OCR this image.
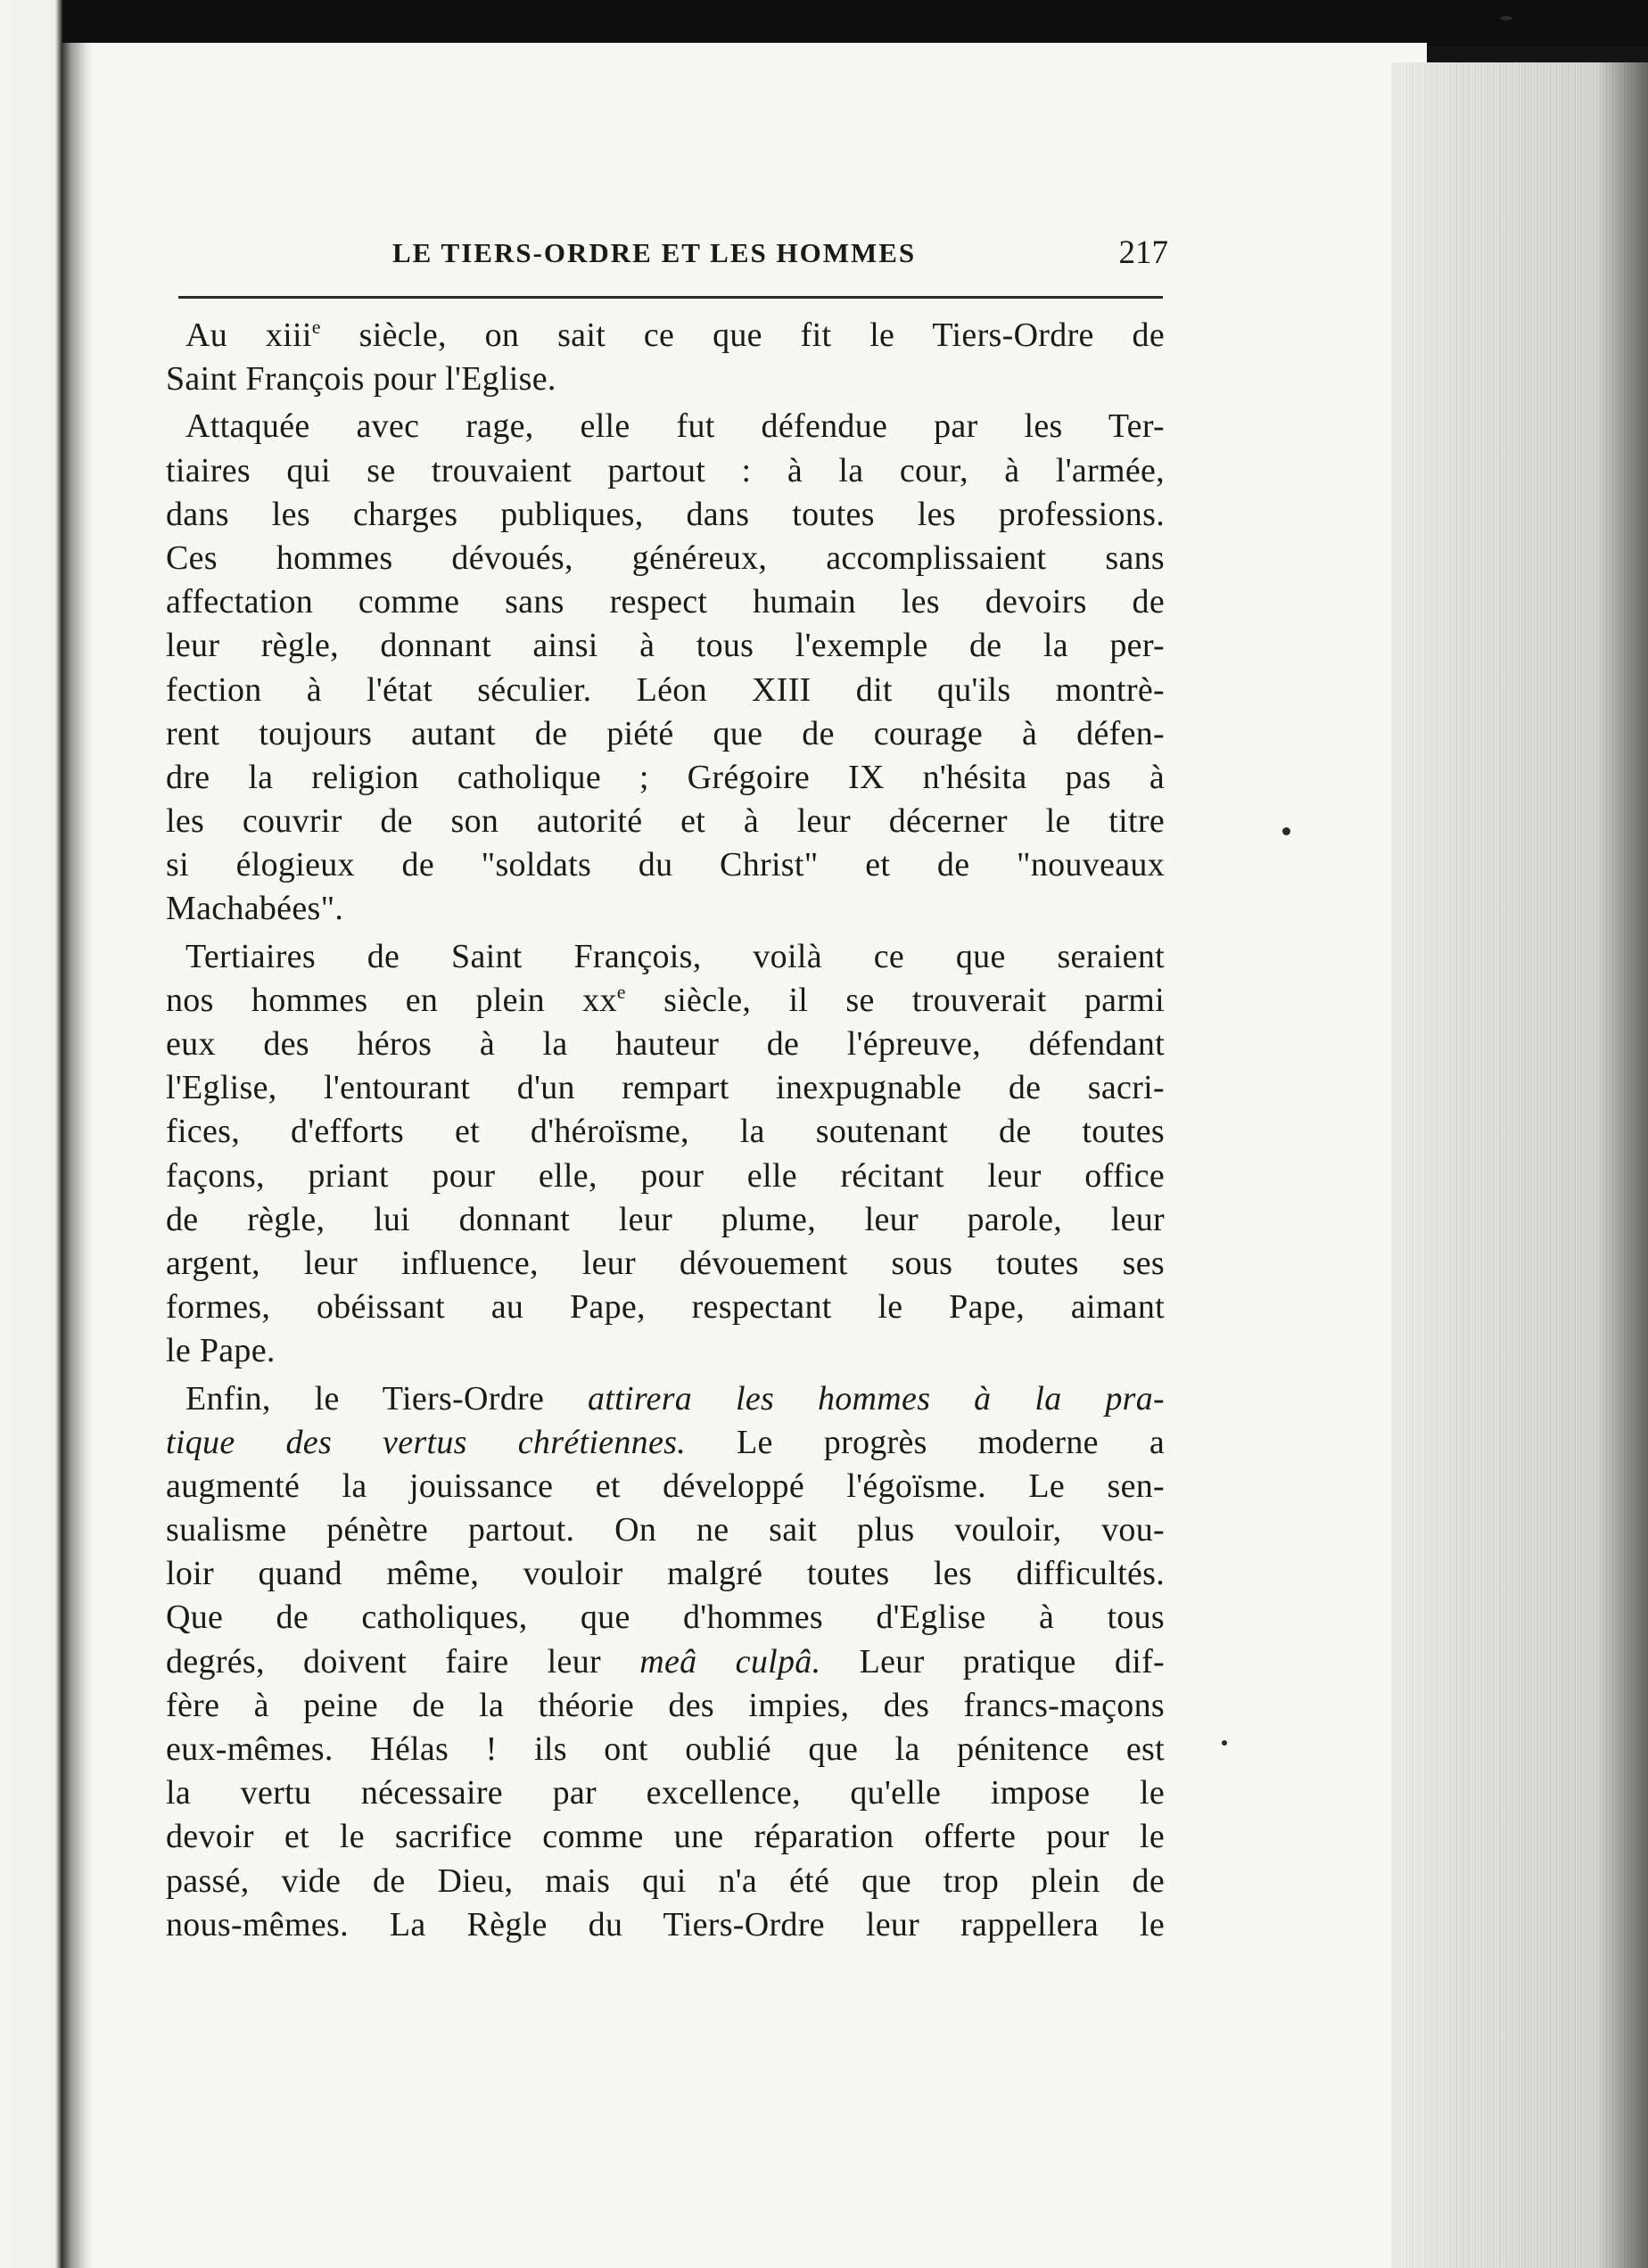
LE TIERS-ORDRE ET LES HOMMES	217
Au xiii$^e$ siècle, on sait ce que fit le Tiers-Ordre de
Saint François pour l'Eglise.
Attaquée avec rage, elle fut défendue par les Ter-
tiaires qui se trouvaient partout : à la cour, à l'armée,
dans les charges publiques, dans toutes les professions.
Ces hommes dévoués, généreux, accomplissaient sans
affectation comme sans respect humain les devoirs de
leur règle, donnant ainsi à tous l'exemple de la per-
fection à l'état séculier. Léon XIII dit qu'ils montrè-
rent toujours autant de piété que de courage à défen-
dre la religion catholique ; Grégoire IX n'hésita pas à
les couvrir de son autorité et à leur décerner le titre
si élogieux de "soldats du Christ" et de "nouveaux
Machabées".
Tertiaires de Saint François, voilà ce que seraient
nos hommes en plein $xx^e$ siècle, il se trouverait parmi
eux des héros à la hauteur de l'épreuve, défendant
l'Eglise, l'entourant d'un rempart inexpugnable de sacri-
fices, d'efforts et d'héroïsme, la soutenant de toutes
façons, priant pour elle, pour elle récitant leur office
de règle, lui donnant leur plume, leur parole, leur
argent, leur influence, leur dévouement sous toutes ses
formes, obéissant au Pape, respectant le Pape, aimant
le Pape.
Enfin, le Tiers-Ordre attirera les hommes à la pra-
tique des vertus chrétiennes. Le progrès moderne a
augmenté la jouissance et développé l'égoïsme. Le sen-
sualisme pénètre partout. On ne sait plus vouloir, vou-
loir quand même, vouloir malgré toutes les difficultés.
Que de catholiques, que d'hommes d'Eglise à tous
degrés, doivent faire leur meâ culpâ. Leur pratique dif-
fère à peine de la théorie des impies, des francs-maçons
eux-mêmes. Hélas ! ils ont oublié que la pénitence est
la vertu nécessaire par excellence, qu'elle impose le
devoir et le sacrifice comme une réparation offerte pour le
passé, vide de Dieu, mais qui n'a été que trop plein de
nous-mêmes. La Règle du Tiers-Ordre leur rappellera le
